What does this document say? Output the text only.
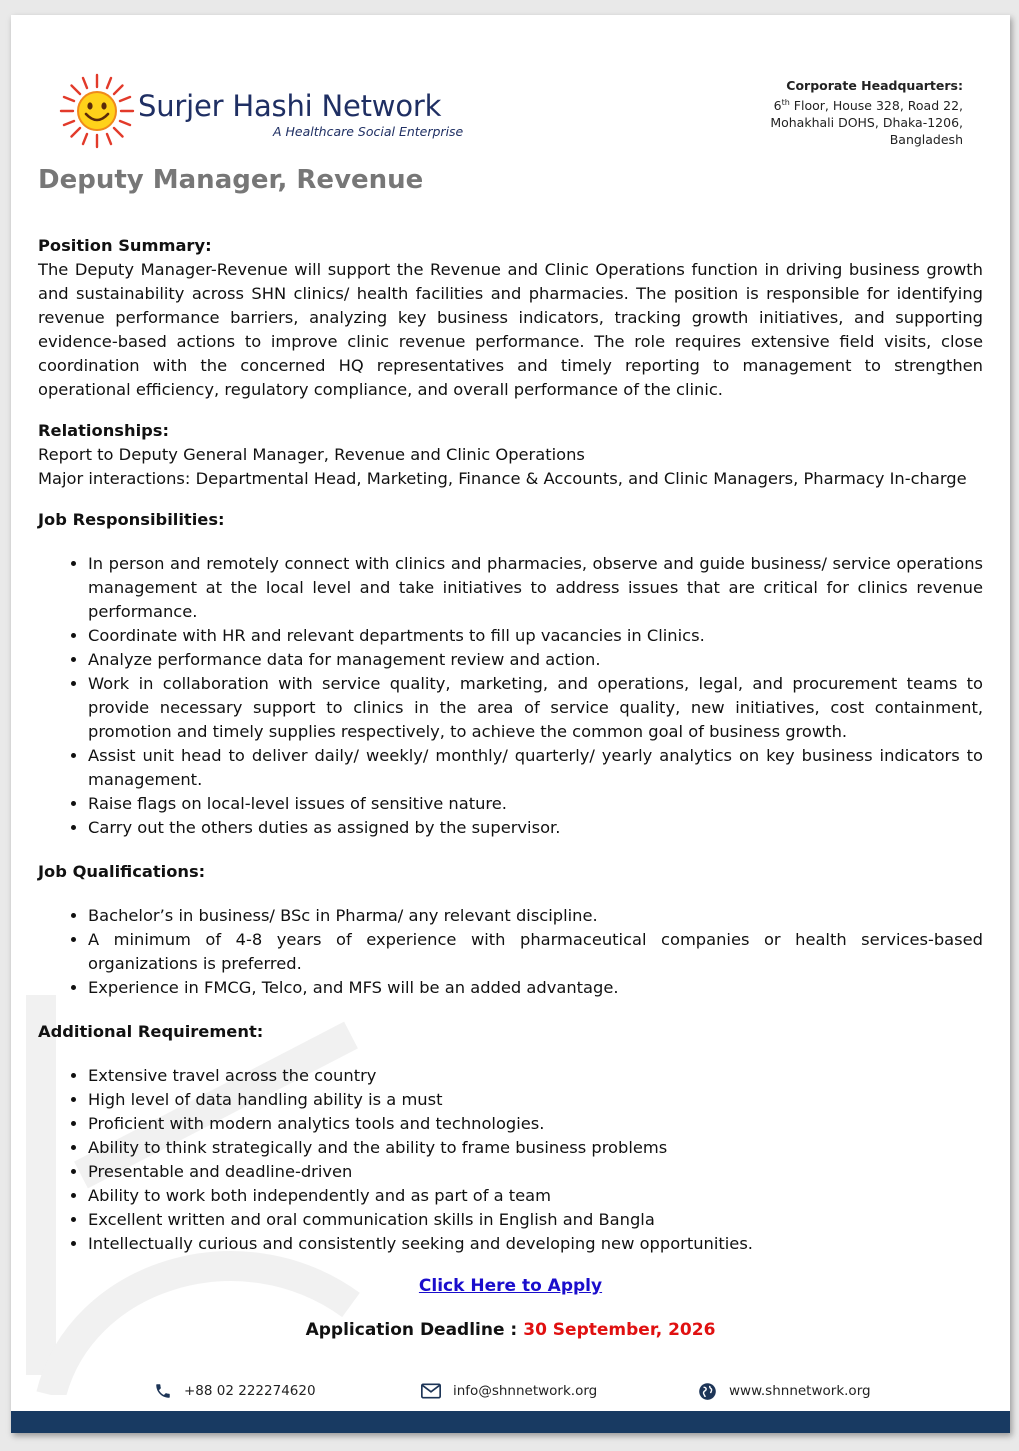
Surjer Hashi Network
A Healthcare Social Enterprise
Corporate Headquarters:
6th Floor, House 328, Road 22,
Mohakhali DOHS, Dhaka-1206,
Bangladesh
Deputy Manager, Revenue

Position Summary:

The Deputy Manager-Revenue will support the Revenue and Clinic Operations function in driving business growth and sustainability across SHN clinics/ health facilities and pharmacies. The position is responsible for identifying revenue performance barriers, analyzing key business indicators, tracking growth initiatives, and supporting evidence-based actions to improve clinic revenue performance. The role requires extensive field visits, close coordination with the concerned HQ representatives and timely reporting to management to strengthen operational efficiency, regulatory compliance, and overall performance of the clinic.

Relationships:

Report to Deputy General Manager, Revenue and Clinic Operations

Major interactions: Departmental Head, Marketing, Finance & Accounts, and Clinic Managers, Pharmacy In-charge

Job Responsibilities:

• In person and remotely connect with clinics and pharmacies, observe and guide business/ service operations management at the local level and take initiatives to address issues that are critical for clinics revenue performance.
• Coordinate with HR and relevant departments to fill up vacancies in Clinics.
• Analyze performance data for management review and action.
• Work in collaboration with service quality, marketing, and operations, legal, and procurement teams to provide necessary support to clinics in the area of service quality, new initiatives, cost containment, promotion and timely supplies respectively, to achieve the common goal of business growth.
• Assist unit head to deliver daily/ weekly/ monthly/ quarterly/ yearly analytics on key business indicators to management.
• Raise flags on local-level issues of sensitive nature.
• Carry out the others duties as assigned by the supervisor.

Job Qualifications:

• Bachelor’s in business/ BSc in Pharma/ any relevant discipline.
• A minimum of 4-8 years of experience with pharmaceutical companies or health services-based organizations is preferred.
• Experience in FMCG, Telco, and MFS will be an added advantage.

Additional Requirement:

• Extensive travel across the country
• High level of data handling ability is a must
• Proficient with modern analytics tools and technologies.
• Ability to think strategically and the ability to frame business problems
• Presentable and deadline-driven
• Ability to work both independently and as part of a team
• Excellent written and oral communication skills in English and Bangla
• Intellectually curious and consistently seeking and developing new opportunities.
Click Here to Apply
Application Deadline : 30 September, 2026
+88 02 222274620	info@shnnetwork.org	www.shnnetwork.org
